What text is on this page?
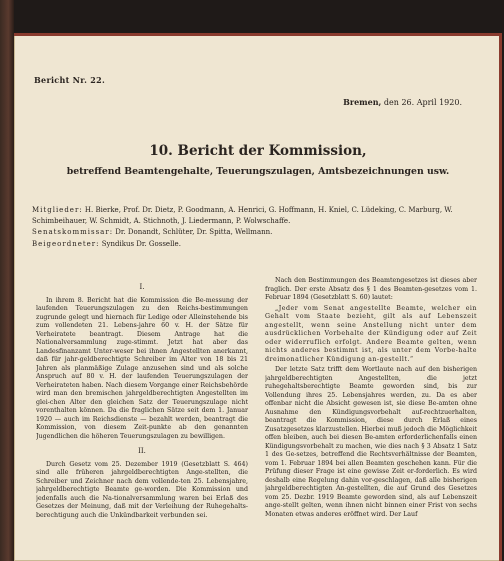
Bericht Nr. 22.
Bremen, den 26. April 1920.
10. Bericht der Kommission,
betreffend Beamtengehalte, Teuerungszulagen, Amtsbezeichnungen usw.
Mitglieder: H. Bierke, Prof. Dr. Dietz, P. Goodmann, A. Henrici, G. Hoffmann, H. Kniel, C. Lüdeking, C. Marburg, W. Schimbeihauer, W. Schmidt, A. Stichnoth, J. Liedermann, P. Wolwschaffe.
Senatskommissar: Dr. Donandt, Schlüter, Dr. Spitta, Wellmann.
Beigeordneter: Syndikus Dr. Gosselle.
I.

In ihrem 8. Bericht hat die Kommission die Be-messung der laufenden Teuerungszulagen zu den Reichs-bestimmungen zugrunde gelegt und hiernach für Ledige oder Alleinstehende bis zum vollendeten 21. Lebens-jahre 60 v. H. der Sätze für Verheiratete beantragt. Diesem Antrage hat die Nationalversammlung zuge-stimmt. Jetzt hat aber das Landesfinanzamt Unter-weser bei ihnen Angestellten anerkannt, daß für jahr-geldberechtigte Schreiber im Alter von 18 bis 21 Jahren als planmäßige Zulage anzusehen sind und als solche Anspruch auf 80 v. H. der laufenden Teuerungszulagen der Verheirateten haben. Nach diesem Vorgange einer Reichsbehörde wird man den bremischen jahrgeldberechtigten Angestellten im glei-chen Alter den gleichen Satz der Teuerungszulage nicht vorenthalten können. Da die fraglichen Sätze seit dem 1. Januar 1920 — auch im Reichsdienste — bezahlt werden, beantragt die Kommission, von diesem Zeit-punkte ab den genannten Jugendlichen die höheren Teuerungszulagen zu bewilligen.

II.

Durch Gesetz vom 25. Dezember 1919 (Gesetzblatt S. 464) sind alle früheren jahrgeldberechtigten Ange-stellten, die Schreiber und Zeichner nach dem vollende-ten 25. Lebensjahre, jahrgeldberechtigte Beamte ge-worden. Die Kommission und jedenfalls auch die Na-tionalversammlung waren bei Erlaß des Gesetzes der Meinung, daß mit der Verleihung der Ruhegehalts-berechtigung auch die Unkündbarkeit verbunden sei.

Nach den Bestimmungen des Beamtengesetzes ist dieses aber fraglich. Der erste Absatz des § 1 des Beamten-gesetzes vom 1. Februar 1894 (Gesetzblatt S. 60) lautet:

„Jeder vom Senat angestellte Beamte, welcher ein Gehalt vom Staate bezieht, gilt als auf Lebenszeit angestellt, wenn seine Anstellung nicht unter dem ausdrücklichen Vorbehalte der Kündigung oder auf Zeit oder widerruflich erfolgt. Andere Beamte gelten, wenn nichts anderes bestimmt ist, als unter dem Vorbe-halte dreimonatlicher Kündigung an-gestellt.“

Der letzte Satz trifft dem Wortlaute nach auf den bisherigen jahrgeldberechtigten Angestellten, die jetzt ruhegehaltsberechtigte Beamte geworden sind, bis zur Vollendung ihres 25. Lebensjahres werden, zu. Da es aber offenbar nicht die Absicht gewesen ist, sie diese Be-amten ohne Ausnahme den Kündigungsvorbehalt auf-rechtzuerhalten, beantragt die Kommission, diese durch Erlaß eines Zusatzgesetzes klarzustellen. Hierbei muß jedoch die Möglichkeit offen bleiben, auch bei diesen Be-amten erforderlichenfalls einen Kündigungsvorbehalt zu machen, wie dies nach § 3 Absatz 1 Satz 1 des Ge-setzes, betreffend die Rechtsverhältnisse der Beamten, vom 1. Februar 1894 bei allen Beamten geschehen kann. Für die Prüfung dieser Frage ist eine gewisse Zeit er-forderlich. Es wird deshalb eine Regelung dahin vor-geschlagen, daß alle bisherigen jahrgeldberechtigten An-gestellten, die auf Grund des Gesetzes vom 25. Dezbr. 1919 Beamte geworden sind, als auf Lebenszeit ange-stellt gelten, wenn ihnen nicht binnen einer Frist von sechs Monaten etwas anderes eröffnet wird. Der Lauf
